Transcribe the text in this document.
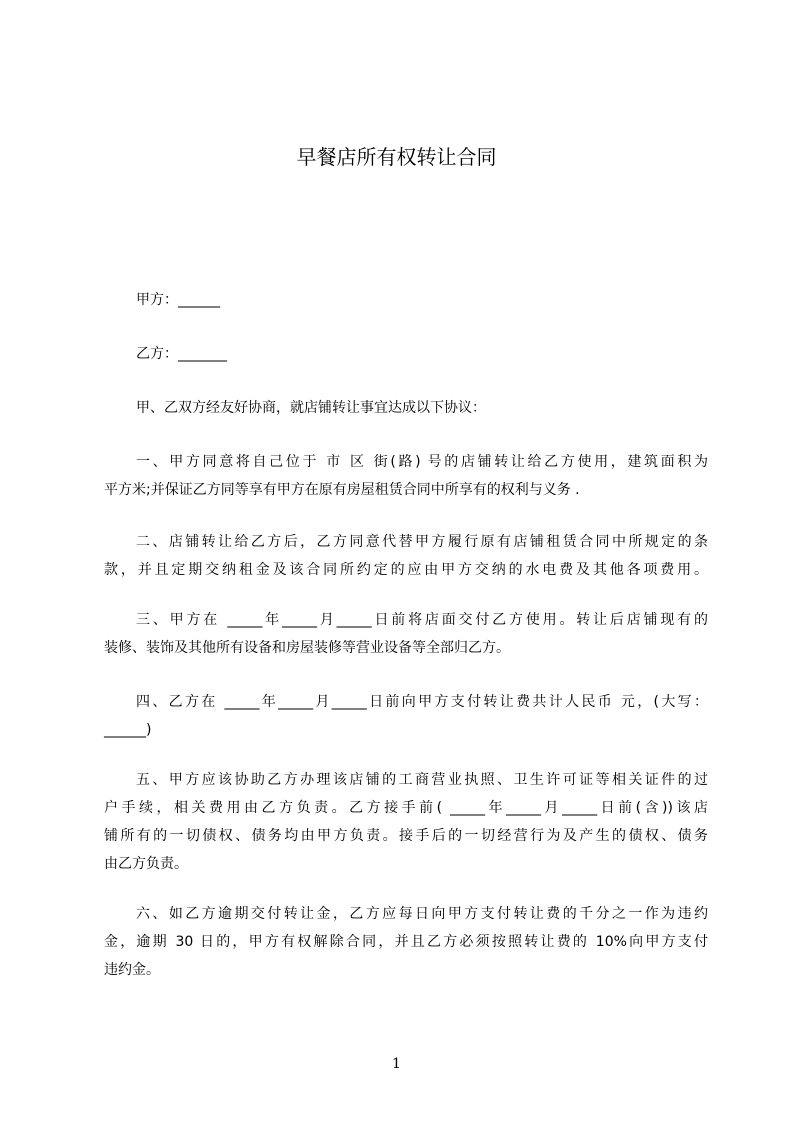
早餐店所有权转让合同
甲方：______
乙方：_______
甲、乙双方经友好协商，就店铺转让事宜达成以下协议：
一、甲方同意将自己位于 市 区 街(路) 号的店铺转让给乙方使用，建筑面积为
平方米;并保证乙方同等享有甲方在原有房屋租赁合同中所享有的权利与义务 .
二、店铺转让给乙方后，乙方同意代替甲方履行原有店铺租赁合同中所规定的条
款，并且定期交纳租金及该合同所约定的应由甲方交纳的水电费及其他各项费用。
三、甲方在 _____年_____月_____日前将店面交付乙方使用。转让后店铺现有的
装修、装饰及其他所有设备和房屋装修等营业设备等全部归乙方。
四、乙方在 _____年_____月_____日前向甲方支付转让费共计人民币 元，(大写：
______)
五、甲方应该协助乙方办理该店铺的工商营业执照、卫生许可证等相关证件的过
户手续，相关费用由乙方负责。乙方接手前( _____年_____月_____日前(含))该店
铺所有的一切债权、债务均由甲方负责。接手后的一切经营行为及产生的债权、债务
由乙方负责。
六、如乙方逾期交付转让金，乙方应每日向甲方支付转让费的千分之一作为违约
金，逾期 30 日的，甲方有权解除合同，并且乙方必须按照转让费的 10%向甲方支付
违约金。
1
